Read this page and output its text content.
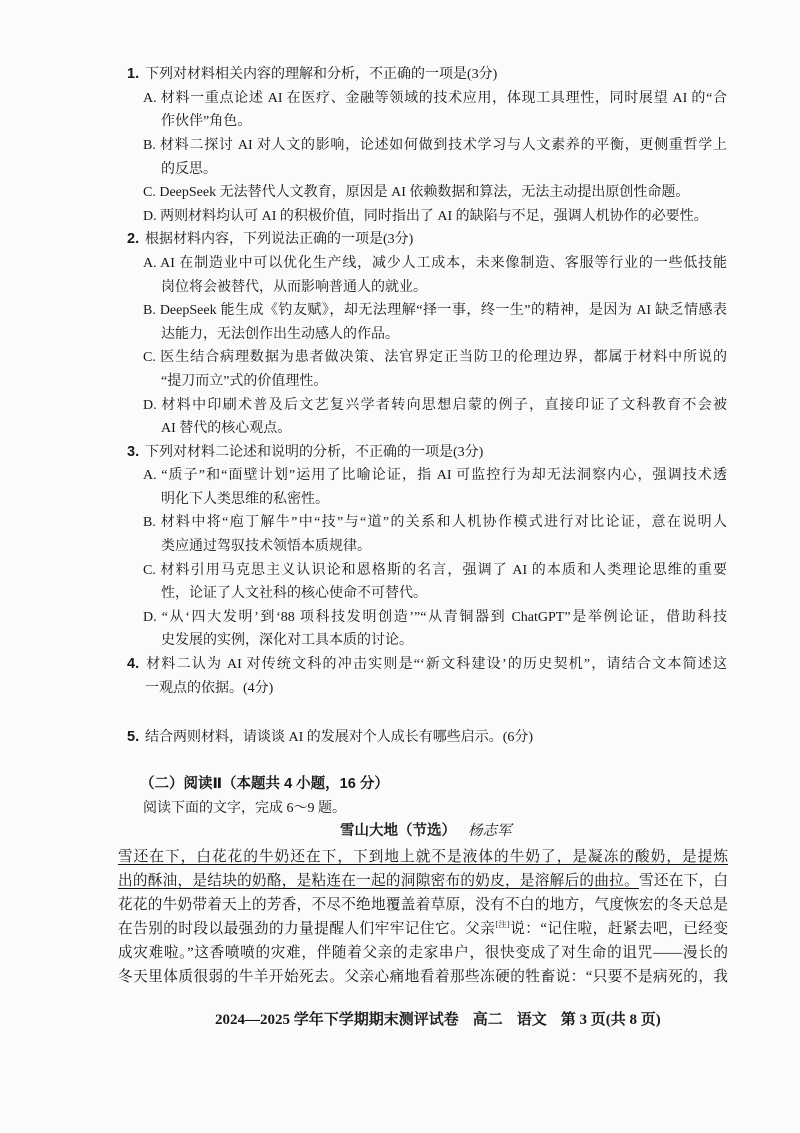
1. 下列对材料相关内容的理解和分析，不正确的一项是(3分)
A. 材料一重点论述 AI 在医疗、金融等领域的技术应用，体现工具理性，同时展望 AI 的“合
作伙伴”角色。
B. 材料二探讨 AI 对人文的影响，论述如何做到技术学习与人文素养的平衡，更侧重哲学上
的反思。
C. DeepSeek 无法替代人文教育，原因是 AI 依赖数据和算法，无法主动提出原创性命题。
D. 两则材料均认可 AI 的积极价值，同时指出了 AI 的缺陷与不足，强调人机协作的必要性。
2. 根据材料内容，下列说法正确的一项是(3分)
A. AI 在制造业中可以优化生产线，减少人工成本，未来像制造、客服等行业的一些低技能
岗位将会被替代，从而影响普通人的就业。
B. DeepSeek 能生成《钓友赋》，却无法理解“择一事，终一生”的精神，是因为 AI 缺乏情感表
达能力，无法创作出生动感人的作品。
C. 医生结合病理数据为患者做决策、法官界定正当防卫的伦理边界，都属于材料中所说的
“提刀而立”式的价值理性。
D. 材料中印刷术普及后文艺复兴学者转向思想启蒙的例子，直接印证了文科教育不会被
AI 替代的核心观点。
3. 下列对材料二论述和说明的分析，不正确的一项是(3分)
A. “质子”和“面壁计划”运用了比喻论证，指 AI 可监控行为却无法洞察内心，强调技术透
明化下人类思维的私密性。
B. 材料中将“庖丁解牛”中“技”与“道”的关系和人机协作模式进行对比论证，意在说明人
类应通过驾驭技术领悟本质规律。
C. 材料引用马克思主义认识论和恩格斯的名言，强调了 AI 的本质和人类理论思维的重要
性，论证了人文社科的核心使命不可替代。
D. “从‘四大发明’到‘88 项科技发明创造’”“从青铜器到 ChatGPT”是举例论证，借助科技
史发展的实例，深化对工具本质的讨论。
4. 材料二认为 AI 对传统文科的冲击实则是“‘新文科建设’的历史契机”，请结合文本简述这
一观点的依据。(4分)
5. 结合两则材料，请谈谈 AI 的发展对个人成长有哪些启示。(6分)
（二）阅读Ⅱ（本题共 4 小题，16 分）
阅读下面的文字，完成 6～9 题。
雪山大地（节选） 杨志军
雪还在下，白花花的牛奶还在下，下到地上就不是液体的牛奶了，是凝冻的酸奶，是提炼
出的酥油，是结块的奶酪，是粘连在一起的洞隙密布的奶皮，是溶解后的曲拉。雪还在下，白
花花的牛奶带着天上的芳香，不尽不绝地覆盖着草原，没有不白的地方，气度恢宏的冬天总是
在告别的时段以最强劲的力量提醒人们牢牢记住它。父亲[注]说：“记住啦，赶紧去吧，已经变
成灾难啦。”这香喷喷的灾难，伴随着父亲的走家串户，很快变成了对生命的诅咒——漫长的
冬天里体质很弱的牛羊开始死去。父亲心痛地看着那些冻硬的牲畜说：“只要不是病死的，我
2024—2025 学年下学期期末测评试卷 高二 语文 第 3 页(共 8 页)
